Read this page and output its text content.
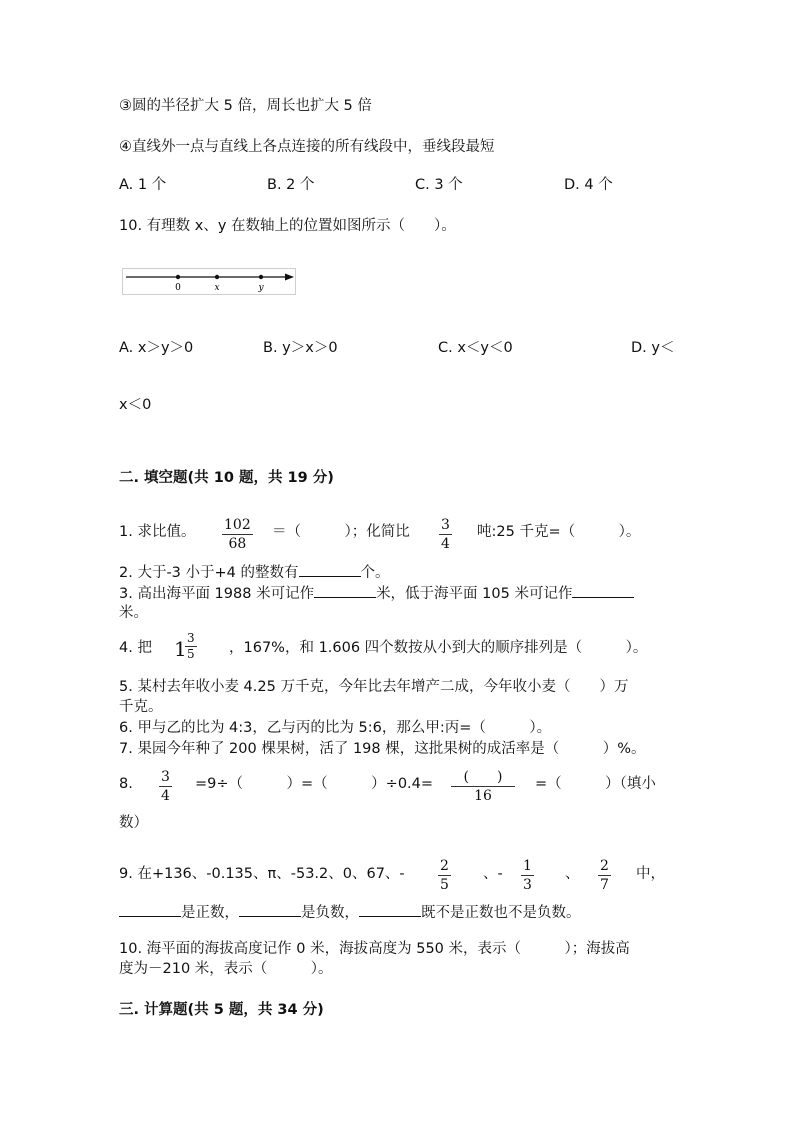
③圆的半径扩大 5 倍，周长也扩大 5 倍
④直线外一点与直线上各点连接的所有线段中，垂线段最短
A. 1 个	B. 2 个	C. 3 个	D. 4 个
10. 有理数 x、y 在数轴上的位置如图所示（　　）。
0	x	y
A. x＞y＞0	B. y＞x＞0	C. x＜y＜0	D. y＜
x＜0
二. 填空题(共 10 题，共 19 分)
1. 求比值。 102
68
＝（　　　）；化简比 3
4
吨:25 千克=（　　　）。
2. 大于-3 小于+4 的整数有	个。
3. 高出海平面 1988 米可记作	米，低于海平面 105 米可记作
米。
4. 把 1 3
5 ，167%，和 1.606 四个数按从小到大的顺序排列是（　　　）。
5. 某村去年收小麦 4.25 万千克，今年比去年增产二成，今年收小麦（　　）万
千克。
6. 甲与乙的比为 4:3，乙与丙的比为 5:6，那么甲:丙=（　　　）。
7. 果园今年种了 200 棵果树，活了 198 棵，这批果树的成活率是（　　　）%。
8. 3
4
=9÷（　　　）=（　　　）÷0.4=	(　　)
16
=（　　　）（填小
数）
9. 在+136、-0.135、π、-53.2、0、67、-	2
5
、- 1
3
、 2
7
中，
是正数，	是负数，	既不是正数也不是负数。
10. 海平面的海拔高度记作 0 米，海拔高度为 550 米，表示（　　　）；海拔高
度为－210 米，表示（　　　）。
三. 计算题(共 5 题，共 34 分)
